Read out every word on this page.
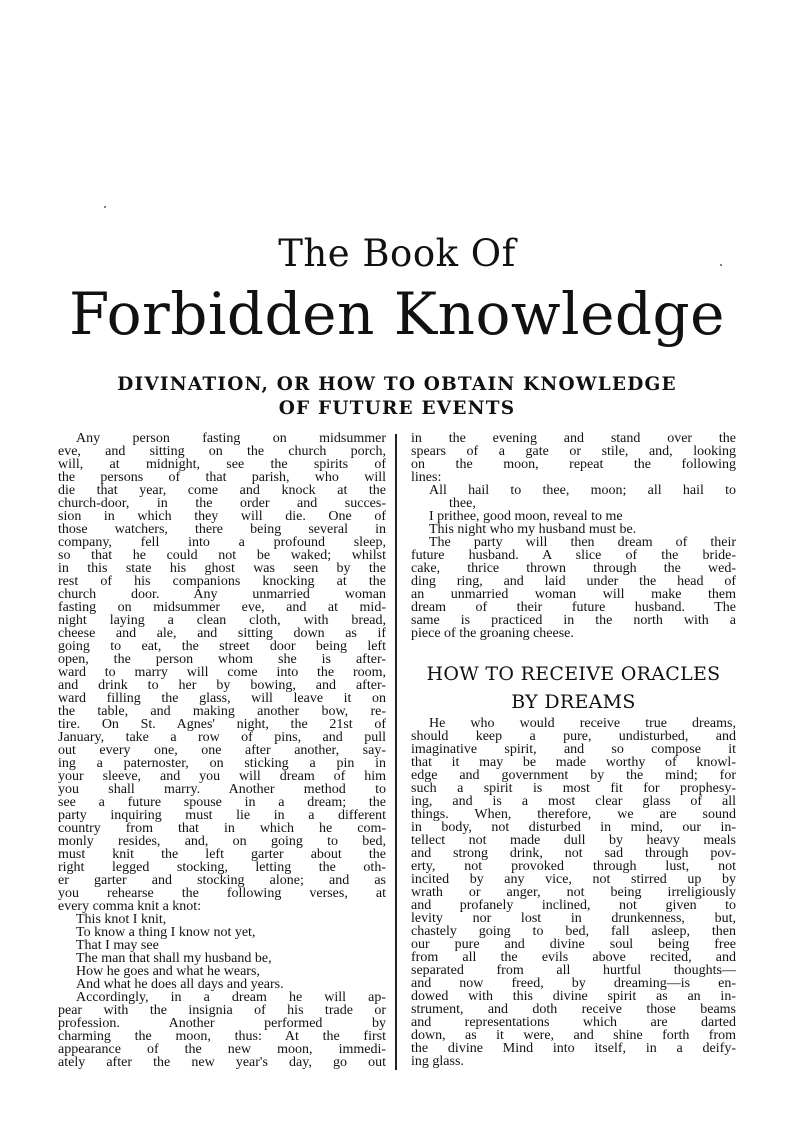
The Book Of
Forbidden Knowledge
DIVINATION, OR HOW TO OBTAIN KNOWLEDGE
OF FUTURE EVENTS
Any person fasting on midsummer
eve, and sitting on the church porch,
will, at midnight, see the spirits of
the persons of that parish, who will
die that year, come and knock at the
church-door, in the order and succes-
sion in which they will die. One of
those watchers, there being several in
company, fell into a profound sleep,
so that he could not be waked; whilst
in this state his ghost was seen by the
rest of his companions knocking at the
church door. Any unmarried woman
fasting on midsummer eve, and at mid-
night laying a clean cloth, with bread,
cheese and ale, and sitting down as if
going to eat, the street door being left
open, the person whom she is after-
ward to marry will come into the room,
and drink to her by bowing, and after-
ward filling the glass, will leave it on
the table, and making another bow, re-
tire. On St. Agnes' night, the 21st of
January, take a row of pins, and pull
out every one, one after another, say-
ing a paternoster, on sticking a pin in
your sleeve, and you will dream of him
you shall marry. Another method to
see a future spouse in a dream; the
party inquiring must lie in a different
country from that in which he com-
monly resides, and, on going to bed,
must knit the left garter about the
right legged stocking, letting the oth-
er garter and stocking alone; and as
you rehearse the following verses, at
every comma knit a knot:
This knot I knit,
To know a thing I know not yet,
That I may see
The man that shall my husband be,
How he goes and what he wears,
And what he does all days and years.
Accordingly, in a dream he will ap-
pear with the insignia of his trade or
profession. Another performed by
charming the moon, thus: At the first
appearance of the new moon, immedi-
ately after the new year's day, go out
in the evening and stand over the
spears of a gate or stile, and, looking
on the moon, repeat the following
lines:
All hail to thee, moon; all hail to
thee,
I prithee, good moon, reveal to me
This night who my husband must be.
The party will then dream of their
future husband. A slice of the bride-
cake, thrice thrown through the wed-
ding ring, and laid under the head of
an unmarried woman will make them
dream of their future husband. The
same is practiced in the north with a
piece of the groaning cheese.
HOW TO RECEIVE ORACLES
BY DREAMS
He who would receive true dreams,
should keep a pure, undisturbed, and
imaginative spirit, and so compose it
that it may be made worthy of knowl-
edge and government by the mind; for
such a spirit is most fit for prophesy-
ing, and is a most clear glass of all
things. When, therefore, we are sound
in body, not disturbed in mind, our in-
tellect not made dull by heavy meals
and strong drink, not sad through pov-
erty, not provoked through lust, not
incited by any vice, not stirred up by
wrath or anger, not being irreligiously
and profanely inclined, not given to
levity nor lost in drunkenness, but,
chastely going to bed, fall asleep, then
our pure and divine soul being free
from all the evils above recited, and
separated from all hurtful thoughts—
and now freed, by dreaming—is en-
dowed with this divine spirit as an in-
strument, and doth receive those beams
and representations which are darted
down, as it were, and shine forth from
the divine Mind into itself, in a deify-
ing glass.
